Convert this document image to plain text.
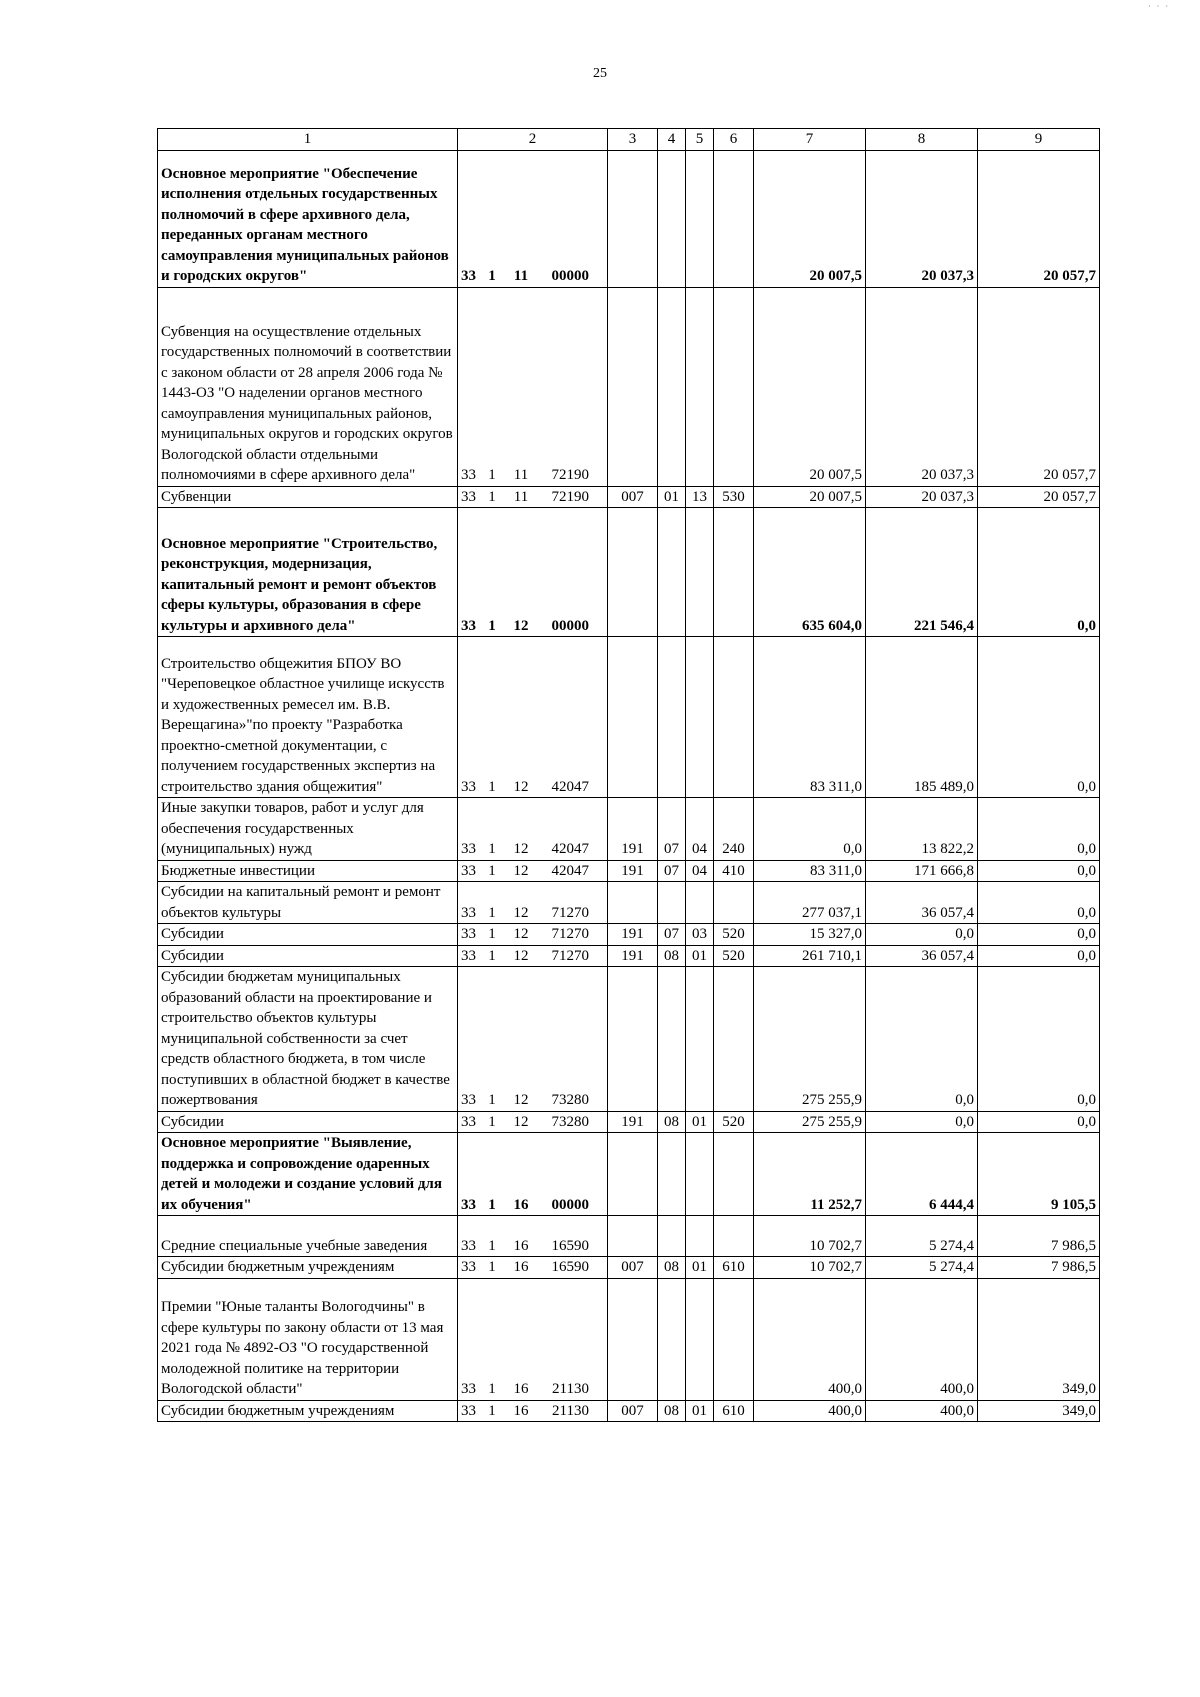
25
1	2	3	4	5	6	7	8	9
Основное мероприятие "Обеспечение исполнения отдельных государственных полномочий в сфере архивного дела, переданных органам местного самоуправления муниципальных районов и городских округов"	33 1 11 00000					20 007,5	20 037,3	20 057,7
Субвенция на осуществление отдельных государственных полномочий в соответствии с законом области от 28 апреля 2006 года № 1443-ОЗ "О наделении органов местного самоуправления муниципальных районов, муниципальных округов и городских округов Вологодской области отдельными полномочиями в сфере архивного дела"	33 1 11 72190					20 007,5	20 037,3	20 057,7
Субвенции	33 1 11 72190	007	01	13	530	20 007,5	20 037,3	20 057,7
Основное мероприятие "Строительство, реконструкция, модернизация, капитальный ремонт и ремонт объектов сферы культуры, образования в сфере культуры и архивного дела"	33 1 12 00000					635 604,0	221 546,4	0,0
Строительство общежития БПОУ ВО "Череповецкое областное училище искусств и художественных ремесел им. В.В. Верещагина»"по проекту "Разработка проектно-сметной документации, с получением государственных экспертиз на строительство здания общежития"	33 1 12 42047					83 311,0	185 489,0	0,0
Иные закупки товаров, работ и услуг для обеспечения государственных (муниципальных) нужд	33 1 12 42047	191	07	04	240	0,0	13 822,2	0,0
Бюджетные инвестиции	33 1 12 42047	191	07	04	410	83 311,0	171 666,8	0,0
Субсидии на капитальный ремонт и ремонт объектов культуры	33 1 12 71270					277 037,1	36 057,4	0,0
Субсидии	33 1 12 71270	191	07	03	520	15 327,0	0,0	0,0
Субсидии	33 1 12 71270	191	08	01	520	261 710,1	36 057,4	0,0
Субсидии бюджетам муниципальных образований области на проектирование и строительство объектов культуры муниципальной собственности за счет средств областного бюджета, в том числе поступивших в областной бюджет в качестве пожертвования	33 1 12 73280					275 255,9	0,0	0,0
Субсидии	33 1 12 73280	191	08	01	520	275 255,9	0,0	0,0
Основное мероприятие "Выявление, поддержка и сопровождение одаренных детей и молодежи и создание условий для их обучения"	33 1 16 00000					11 252,7	6 444,4	9 105,5
Средние специальные учебные заведения	33 1 16 16590					10 702,7	5 274,4	7 986,5
Субсидии бюджетным учреждениям	33 1 16 16590	007	08	01	610	10 702,7	5 274,4	7 986,5
Премии "Юные таланты Вологодчины" в сфере культуры по закону области от 13 мая 2021 года № 4892-ОЗ "О государственной молодежной политике на территории Вологодской области"	33 1 16 21130					400,0	400,0	349,0
Субсидии бюджетным учреждениям	33 1 16 21130	007	08	01	610	400,0	400,0	349,0
· · ·
